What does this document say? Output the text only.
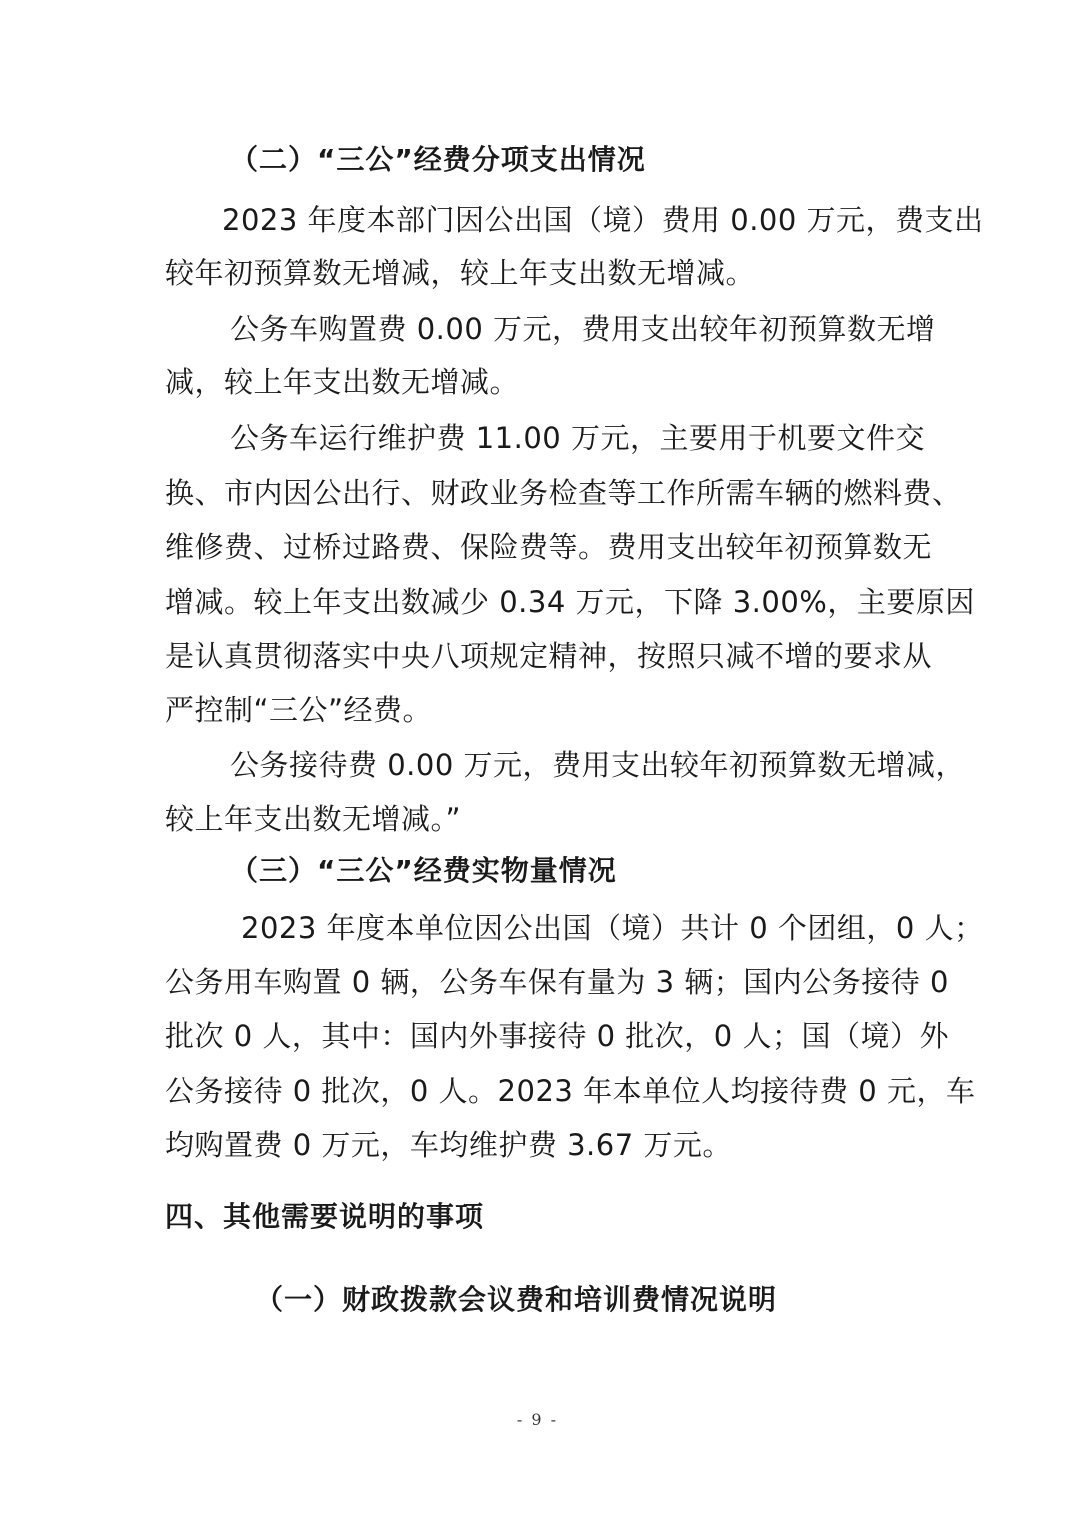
（二）“三公”经费分项支出情况
2023 年度本部门因公出国（境）费用 0.00 万元，费支出
较年初预算数无增减，较上年支出数无增减。
公务车购置费 0.00 万元，费用支出较年初预算数无增
减，较上年支出数无增减。
公务车运行维护费 11.00 万元，主要用于机要文件交
换、市内因公出行、财政业务检查等工作所需车辆的燃料费、
维修费、过桥过路费、保险费等。费用支出较年初预算数无
增减。较上年支出数减少 0.34 万元，下降 3.00%，主要原因
是认真贯彻落实中央八项规定精神，按照只减不增的要求从
严控制“三公”经费。
公务接待费 0.00 万元，费用支出较年初预算数无增减，
较上年支出数无增减。”
（三）“三公”经费实物量情况
2023 年度本单位因公出国（境）共计 0 个团组，0 人；
公务用车购置 0 辆，公务车保有量为 3 辆；国内公务接待 0
批次 0 人，其中：国内外事接待 0 批次，0 人；国（境）外
公务接待 0 批次，0 人。2023 年本单位人均接待费 0 元，车
均购置费 0 万元，车均维护费 3.67 万元。
四、其他需要说明的事项
（一）财政拨款会议费和培训费情况说明
- 9 -
